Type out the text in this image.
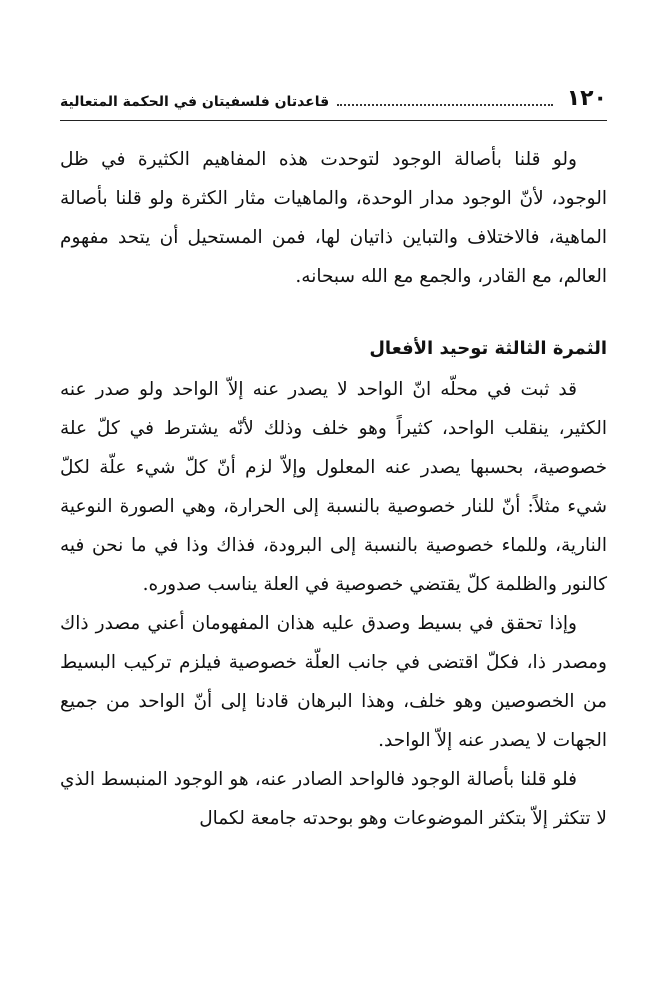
١٢٠
قاعدتان فلسفيتان في الحكمة المتعالية

ولو قلنا بأصالة الوجود لتوحدت هذه المفاهيم الكثيرة في ظل الوجود، لأنّ الوجود مدار الوحدة، والماهيات مثار الكثرة ولو قلنا بأصالة الماهية، فالاختلاف والتباين ذاتيان لها، فمن المستحيل أن يتحد مفهوم العالم، مع القادر، والجمع مع الله سبحانه.

الثمرة الثالثة توحيد الأفعال

قد ثبت في محلّه انّ الواحد لا يصدر عنه إلاّ الواحد ولو صدر عنه الكثير، ينقلب الواحد، كثيراً وهو خلف وذلك لأنّه يشترط في كلّ علة خصوصية، بحسبها يصدر عنه المعلول وإلاّ لزم أنّ كلّ شيء علّة لكلّ شيء مثلاً: أنّ للنار خصوصية بالنسبة إلى الحرارة، وهي الصورة النوعية النارية، وللماء خصوصية بالنسبة إلى البرودة، فذاك وذا في ما نحن فيه كالنور والظلمة كلّ يقتضي خصوصية في العلة يناسب صدوره.

وإذا تحقق في بسيط وصدق عليه هذان المفهومان أعني مصدر ذاك ومصدر ذا، فكلّ اقتضى في جانب العلّة خصوصية فيلزم تركيب البسيط من الخصوصين وهو خلف، وهذا البرهان قادنا إلى أنّ الواحد من جميع الجهات لا يصدر عنه إلاّ الواحد.

فلو قلنا بأصالة الوجود فالواحد الصادر عنه، هو الوجود المنبسط الذي لا تتكثر إلاّ بتكثر الموضوعات وهو بوحدته جامعة لكمال
